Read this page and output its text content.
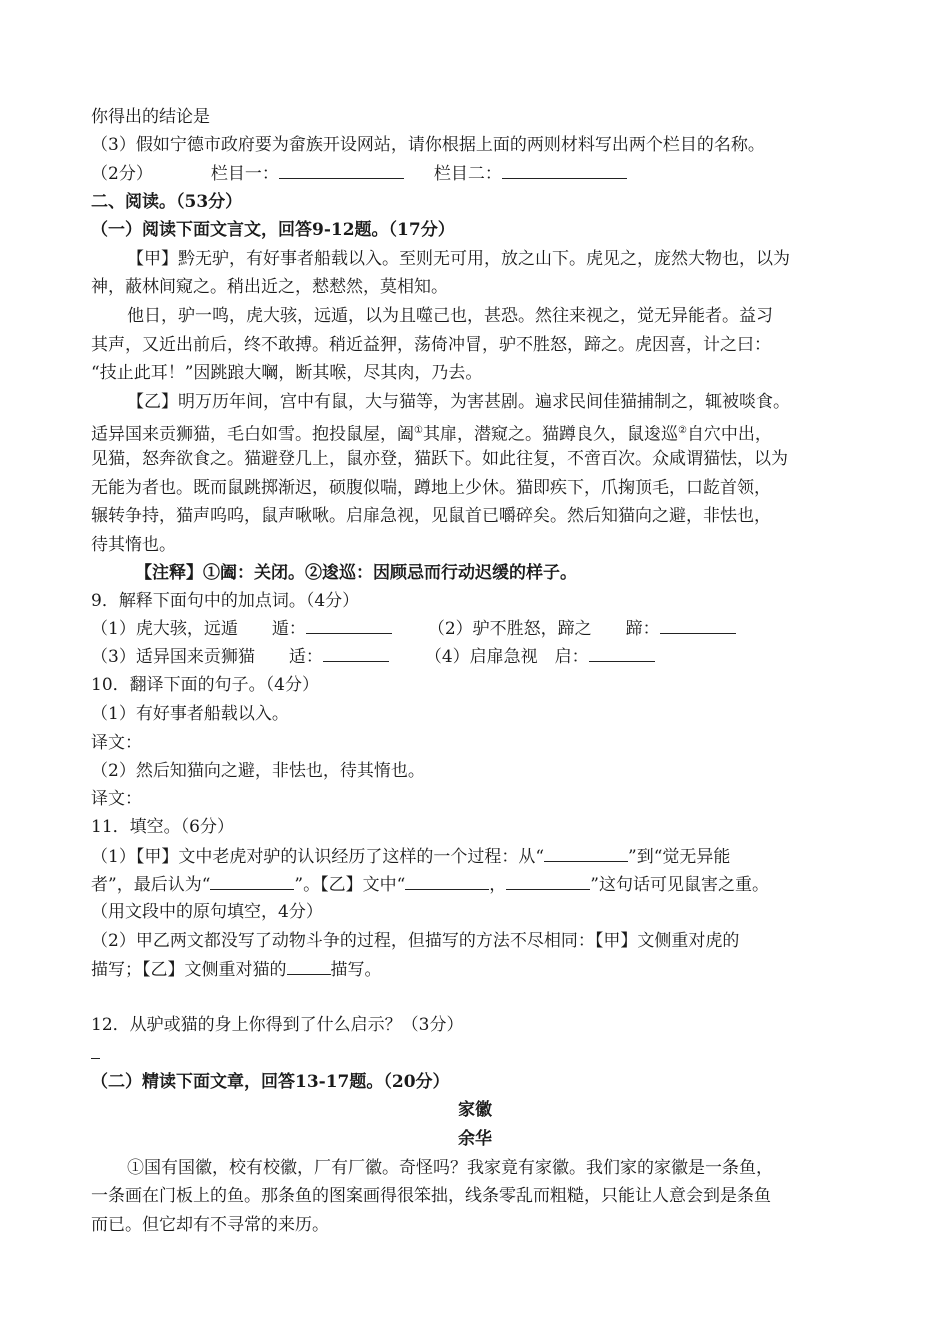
你得出的结论是
（3）假如宁德市政府要为畲族开设网站，请你根据上面的两则材料写出两个栏目的名称。
（2分）	栏目一：	栏目二：
二、阅读。（53分）
（一）阅读下面文言文，回答9-12题。（17分）
【甲】黔无驴，有好事者船载以入。至则无可用，放之山下。虎见之，庞然大物也，以为
神，蔽林间窥之。稍出近之，慭慭然，莫相知。
他日，驴一鸣，虎大骇，远遁，以为且噬己也，甚恐。然往来视之，觉无异能者。益习
其声，又近出前后，终不敢搏。稍近益狎，荡倚冲冒，驴不胜怒，蹄之。虎因喜，计之曰：
“技止此耳！”因跳踉大㘎，断其喉，尽其肉，乃去。
【乙】明万历年间，宫中有鼠，大与猫等，为害甚剧。遍求民间佳猫捕制之，辄被啖食。
适异国来贡狮猫，毛白如雪。抱投鼠屋，阖①其扉，潜窥之。猫蹲良久，鼠逡巡②自穴中出，
见猫，怒奔欲食之。猫避登几上，鼠亦登，猫跃下。如此往复，不啻百次。众咸谓猫怯，以为
无能为者也。既而鼠跳掷渐迟，硕腹似喘，蹲地上少休。猫即疾下，爪掬顶毛，口龁首领，
辗转争持，猫声呜呜，鼠声啾啾。启扉急视，见鼠首已嚼碎矣。然后知猫向之避，非怯也，
待其惰也。
【注释】①阖：关闭。②逡巡：因顾忌而行动迟缓的样子。
9．解释下面句中的加点词。（4分）
（1）虎大骇，远遁　　遁：	（2）驴不胜怒，蹄之　　蹄：
（3）适异国来贡狮猫　　适：	（4）启扉急视　启：
10．翻译下面的句子。（4分）
（1）有好事者船载以入。
译文：
（2）然后知猫向之避，非怯也，待其惰也。
译文：
11．填空。（6分）
（1）【甲】文中老虎对驴的认识经历了这样的一个过程：从“	”到“觉无异能
者”，最后认为“	”。【乙】文中“	，	”这句话可见鼠害之重。
（用文段中的原句填空，4分）
（2）甲乙两文都没写了动物斗争的过程，但描写的方法不尽相同：【甲】文侧重对虎的
描写；【乙】文侧重对猫的	描写。
12．从驴或猫的身上你得到了什么启示？（3分）
（二）精读下面文章，回答13-17题。（20分）
家徽
余华
①国有国徽，校有校徽，厂有厂徽。奇怪吗？我家竟有家徽。我们家的家徽是一条鱼，
一条画在门板上的鱼。那条鱼的图案画得很笨拙，线条零乱而粗糙，只能让人意会到是条鱼
而已。但它却有不寻常的来历。
